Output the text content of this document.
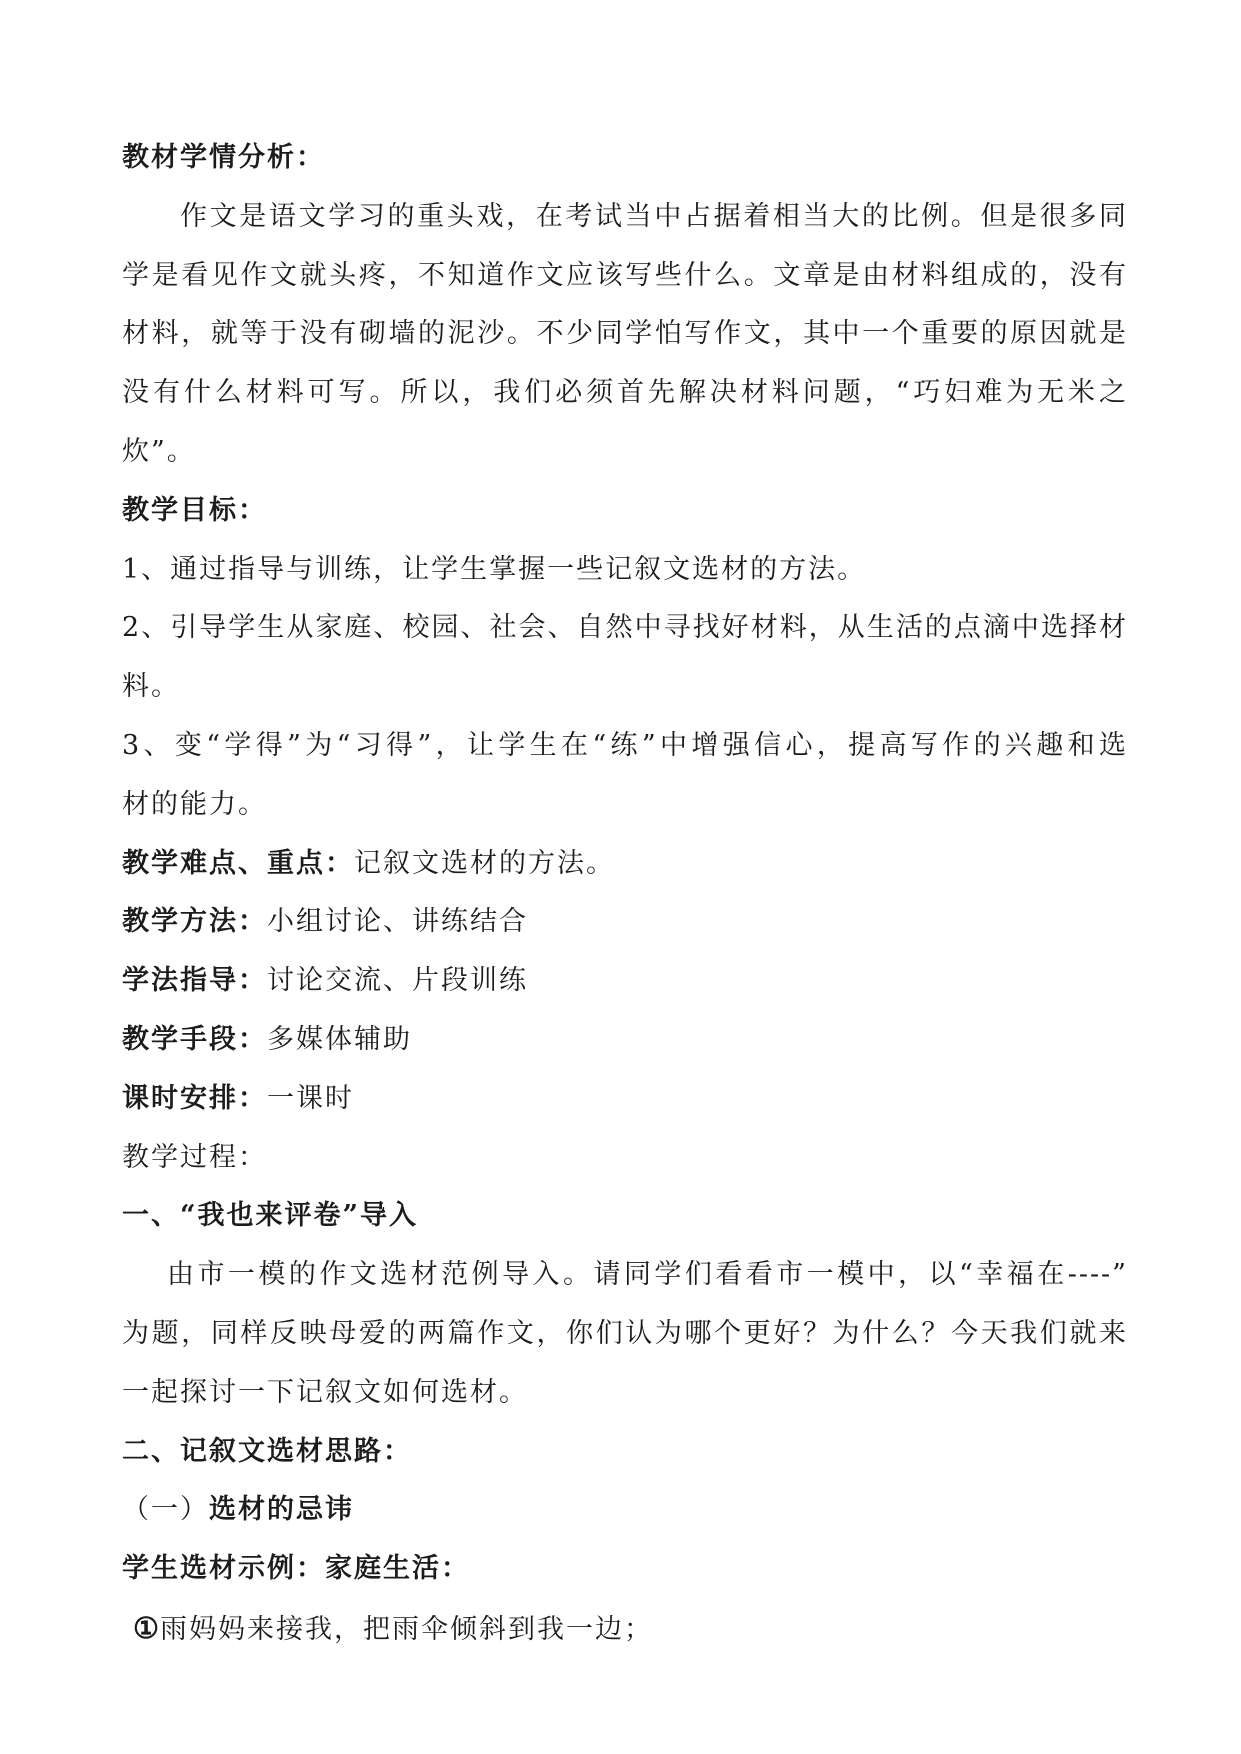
教材学情分析：
作文是语文学习的重头戏，在考试当中占据着相当大的比例。但是很多同
学是看见作文就头疼，不知道作文应该写些什么。文章是由材料组成的，没有
材料，就等于没有砌墙的泥沙。不少同学怕写作文，其中一个重要的原因就是
没有什么材料可写。所以，我们必须首先解决材料问题，“巧妇难为无米之
炊”。
教学目标：
1、通过指导与训练，让学生掌握一些记叙文选材的方法。
2、引导学生从家庭、校园、社会、自然中寻找好材料，从生活的点滴中选择材
料。
3、变“学得”为“习得”，让学生在“练”中增强信心，提高写作的兴趣和选
材的能力。
教学难点、重点：记叙文选材的方法。
教学方法：小组讨论、讲练结合
学法指导：讨论交流、片段训练
教学手段：多媒体辅助
课时安排：一课时
教学过程：
一、“我也来评卷”导入
由市一模的作文选材范例导入。请同学们看看市一模中，以“幸福在----”
为题，同样反映母爱的两篇作文，你们认为哪个更好？为什么？今天我们就来
一起探讨一下记叙文如何选材。
二、记叙文选材思路：
（一）选材的忌讳
学生选材示例：家庭生活：
①雨妈妈来接我，把雨伞倾斜到我一边；
